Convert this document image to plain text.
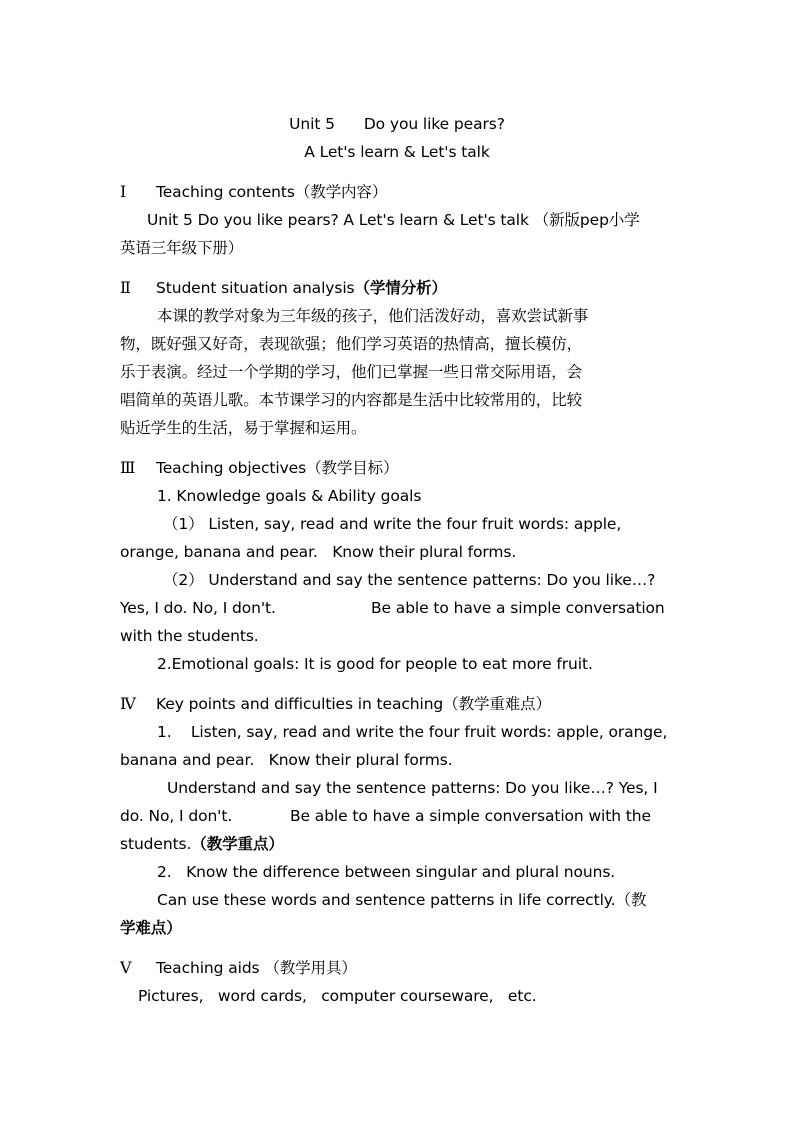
Unit 5      Do you like pears?
A Let's learn & Let's talk
Ⅰ Teaching contents（教学内容）
Unit 5 Do you like pears? A Let's learn & Let's talk （新版pep小学
英语三年级下册）
Ⅱ Student situation analysis（学情分析）
本课的教学对象为三年级的孩子，他们活泼好动，喜欢尝试新事
物，既好强又好奇，表现欲强；他们学习英语的热情高，擅长模仿，
乐于表演。经过一个学期的学习，他们已掌握一些日常交际用语，会
唱简单的英语儿歌。本节课学习的内容都是生活中比较常用的，比较
贴近学生的生活，易于掌握和运用。
Ⅲ Teaching objectives（教学目标）
1. Knowledge goals & Ability goals
（1） Listen, say, read and write the four fruit words: apple,
orange, banana and pear.   Know their plural forms.
（2） Understand and say the sentence patterns: Do you like…?
Yes, I do. No, I don't.	Be able to have a simple conversation
with the students.
2.Emotional goals: It is good for people to eat more fruit.
Ⅳ Key points and difficulties in teaching（教学重难点）
1.    Listen, say, read and write the four fruit words: apple, orange,
banana and pear.   Know their plural forms.
Understand and say the sentence patterns: Do you like…? Yes, I
do. No, I don't.	Be able to have a simple conversation with the
students.（教学重点）
2.   Know the difference between singular and plural nouns.
Can use these words and sentence patterns in life correctly.（教
学难点）
Ⅴ Teaching aids （教学用具）
Pictures,   word cards,   computer courseware,   etc.
